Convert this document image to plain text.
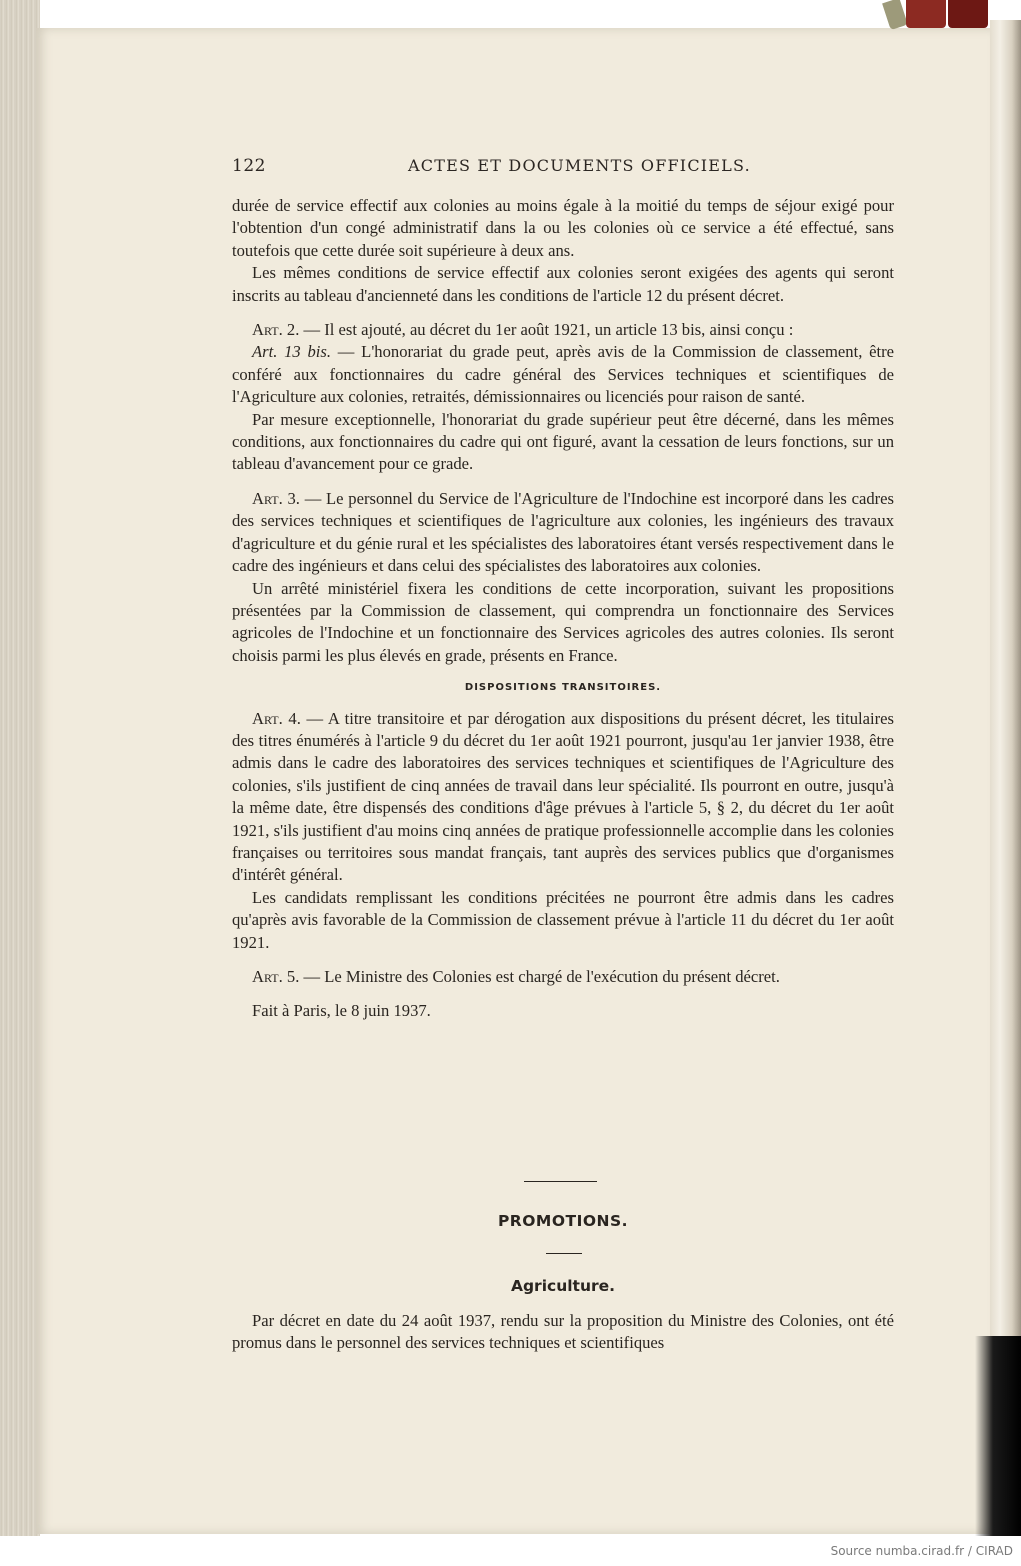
122	ACTES ET DOCUMENTS OFFICIELS.

durée de service effectif aux colonies au moins égale à la moitié du temps de séjour exigé pour l'obtention d'un congé administratif dans la ou les colonies où ce service a été effectué, sans toutefois que cette durée soit supérieure à deux ans.

Les mêmes conditions de service effectif aux colonies seront exigées des agents qui seront inscrits au tableau d'ancienneté dans les conditions de l'article 12 du présent décret.

Art. 2. — Il est ajouté, au décret du 1er août 1921, un article 13 bis, ainsi conçu :

Art. 13 bis. — L'honorariat du grade peut, après avis de la Commission de classement, être conféré aux fonctionnaires du cadre général des Services techniques et scientifiques de l'Agriculture aux colonies, retraités, démissionnaires ou licenciés pour raison de santé.

Par mesure exceptionnelle, l'honorariat du grade supérieur peut être décerné, dans les mêmes conditions, aux fonctionnaires du cadre qui ont figuré, avant la cessation de leurs fonctions, sur un tableau d'avancement pour ce grade.

Art. 3. — Le personnel du Service de l'Agriculture de l'Indochine est incorporé dans les cadres des services techniques et scientifiques de l'agriculture aux colonies, les ingénieurs des travaux d'agriculture et du génie rural et les spécialistes des laboratoires étant versés respectivement dans le cadre des ingénieurs et dans celui des spécialistes des laboratoires aux colonies.

Un arrêté ministériel fixera les conditions de cette incorporation, suivant les propositions présentées par la Commission de classement, qui comprendra un fonctionnaire des Services agricoles de l'Indochine et un fonctionnaire des Services agricoles des autres colonies. Ils seront choisis parmi les plus élevés en grade, présents en France.

DISPOSITIONS TRANSITOIRES.

Art. 4. — A titre transitoire et par dérogation aux dispositions du présent décret, les titulaires des titres énumérés à l'article 9 du décret du 1er août 1921 pourront, jusqu'au 1er janvier 1938, être admis dans le cadre des laboratoires des services techniques et scientifiques de l'Agriculture des colonies, s'ils justifient de cinq années de travail dans leur spécialité. Ils pourront en outre, jusqu'à la même date, être dispensés des conditions d'âge prévues à l'article 5, § 2, du décret du 1er août 1921, s'ils justifient d'au moins cinq années de pratique professionnelle accomplie dans les colonies françaises ou territoires sous mandat français, tant auprès des services publics que d'organismes d'intérêt général.

Les candidats remplissant les conditions précitées ne pourront être admis dans les cadres qu'après avis favorable de la Commission de classement prévue à l'article 11 du décret du 1er août 1921.

Art. 5. — Le Ministre des Colonies est chargé de l'exécution du présent décret.

Fait à Paris, le 8 juin 1937.

PROMOTIONS.
Agriculture.
Par décret en date du 24 août 1937, rendu sur la proposition du Ministre des Colonies, ont été promus dans le personnel des services techniques et scientifiques
Source numba.cirad.fr / CIRAD
